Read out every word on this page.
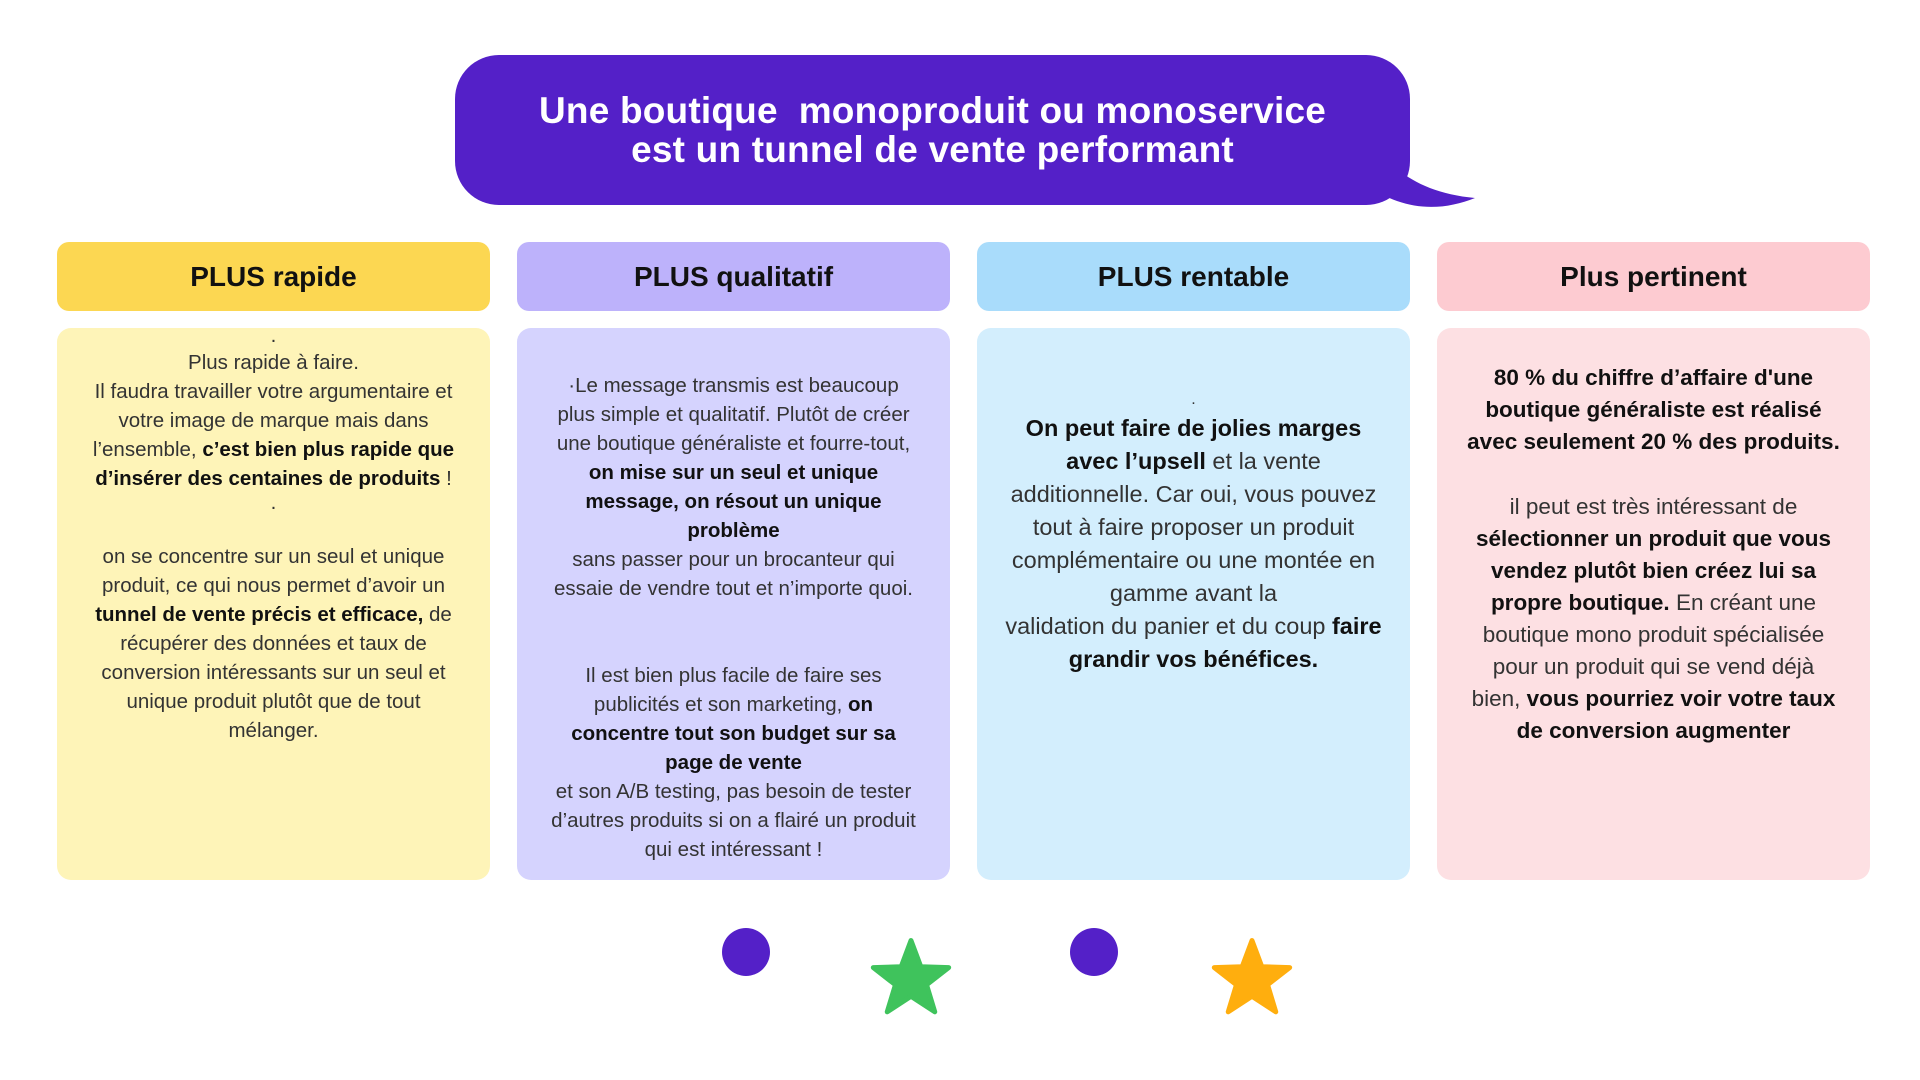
Une boutique  monoproduit ou monoservice
est un tunnel de vente performant
PLUS rapide	PLUS qualitatif	PLUS rentable	Plus pertinent
.
Plus rapide à faire.
Il faudra travailler votre argumentaire et votre image de marque mais dans l’ensemble, c’est bien plus rapide que d’insérer des centaines de produits !
.
on se concentre sur un seul et unique produit, ce qui nous permet d’avoir un tunnel de vente précis et efficace, de récupérer des données et taux de conversion intéressants sur un seul et unique produit plutôt que de tout mélanger.
·Le message transmis est beaucoup plus simple et qualitatif. Plutôt de créer une boutique généraliste et fourre-tout, on mise sur un seul et unique message, on résout un unique problème
sans passer pour un brocanteur qui essaie de vendre tout et n’importe quoi.
Il est bien plus facile de faire ses publicités et son marketing, on concentre tout son budget sur sa page de vente
et son A/B testing, pas besoin de tester d’autres produits si on a flairé un produit qui est intéressant !
.
On peut faire de jolies marges avec l’upsell et la vente additionnelle. Car oui, vous pouvez tout à faire proposer un produit complémentaire ou une montée en gamme avant la
validation du panier et du coup faire grandir vos bénéfices.
80 % du chiffre d’affaire d'une boutique généraliste est réalisé avec seulement 20 % des produits.
il peut est très intéressant de sélectionner un produit que vous vendez plutôt bien créez lui sa propre boutique. En créant une boutique mono produit spécialisée pour un produit qui se vend déjà bien, vous pourriez voir votre taux de conversion augmenter
